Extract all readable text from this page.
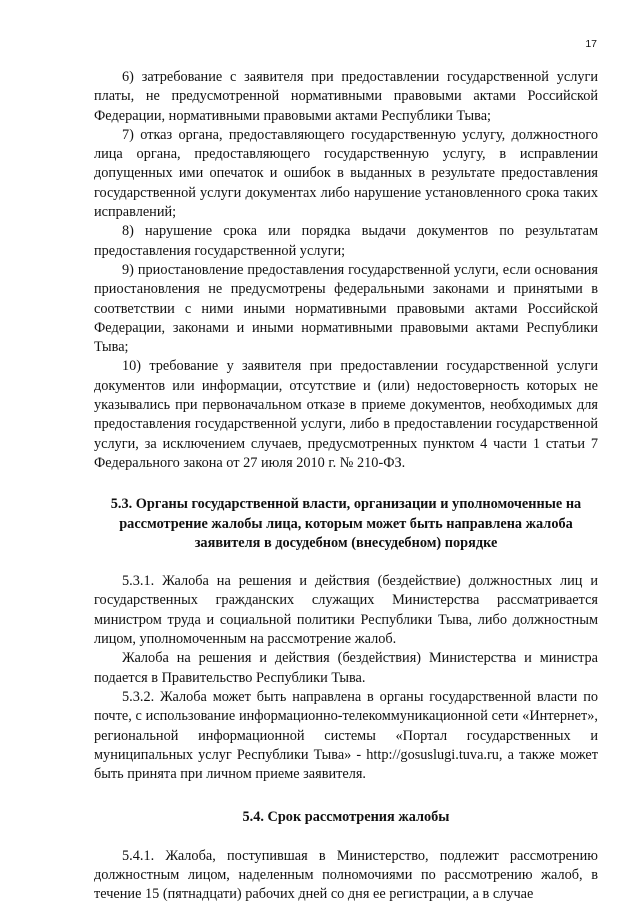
17

6) затребование с заявителя при предоставлении государственной услуги платы, не предусмотренной нормативными правовыми актами Российской Федерации, нормативными правовыми актами Республики Тыва;

7) отказ органа, предоставляющего государственную услугу, должностного лица органа, предоставляющего государственную услугу, в исправлении допущенных ими опечаток и ошибок в выданных в результате предоставления государственной услуги документах либо нарушение установленного срока таких исправлений;

8) нарушение срока или порядка выдачи документов по результатам предоставления государственной услуги;

9) приостановление предоставления государственной услуги, если основания приостановления не предусмотрены федеральными законами и принятыми в соответствии с ними иными нормативными правовыми актами Российской Федерации, законами и иными нормативными правовыми актами Республики Тыва;

10) требование у заявителя при предоставлении государственной услуги документов или информации, отсутствие и (или) недостоверность которых не указывались при первоначальном отказе в приеме документов, необходимых для предоставления государственной услуги, либо в предоставлении государственной услуги, за исключением случаев, предусмотренных пунктом 4 части 1 статьи 7 Федерального закона от 27 июля 2010 г. № 210-ФЗ.

5.3. Органы государственной власти, организации и уполномоченные на рассмотрение жалобы лица, которым может быть направлена жалоба заявителя в досудебном (внесудебном) порядке

5.3.1. Жалоба на решения и действия (бездействие) должностных лиц и государственных гражданских служащих Министерства рассматривается министром труда и социальной политики Республики Тыва, либо должностным лицом, уполномоченным на рассмотрение жалоб.

Жалоба на решения и действия (бездействия) Министерства и министра подается в Правительство Республики Тыва.

5.3.2. Жалоба может быть направлена в органы государственной власти по почте, с использование информационно-телекоммуникационной сети «Интернет», региональной информационной системы «Портал государственных и муниципальных услуг Республики Тыва» - http://gosuslugi.tuva.ru, а также может быть принята при личном приеме заявителя.

5.4. Срок рассмотрения жалобы

5.4.1. Жалоба, поступившая в Министерство, подлежит рассмотрению должностным лицом, наделенным полномочиями по рассмотрению жалоб, в течение 15 (пятнадцати) рабочих дней со дня ее регистрации, а в случае
